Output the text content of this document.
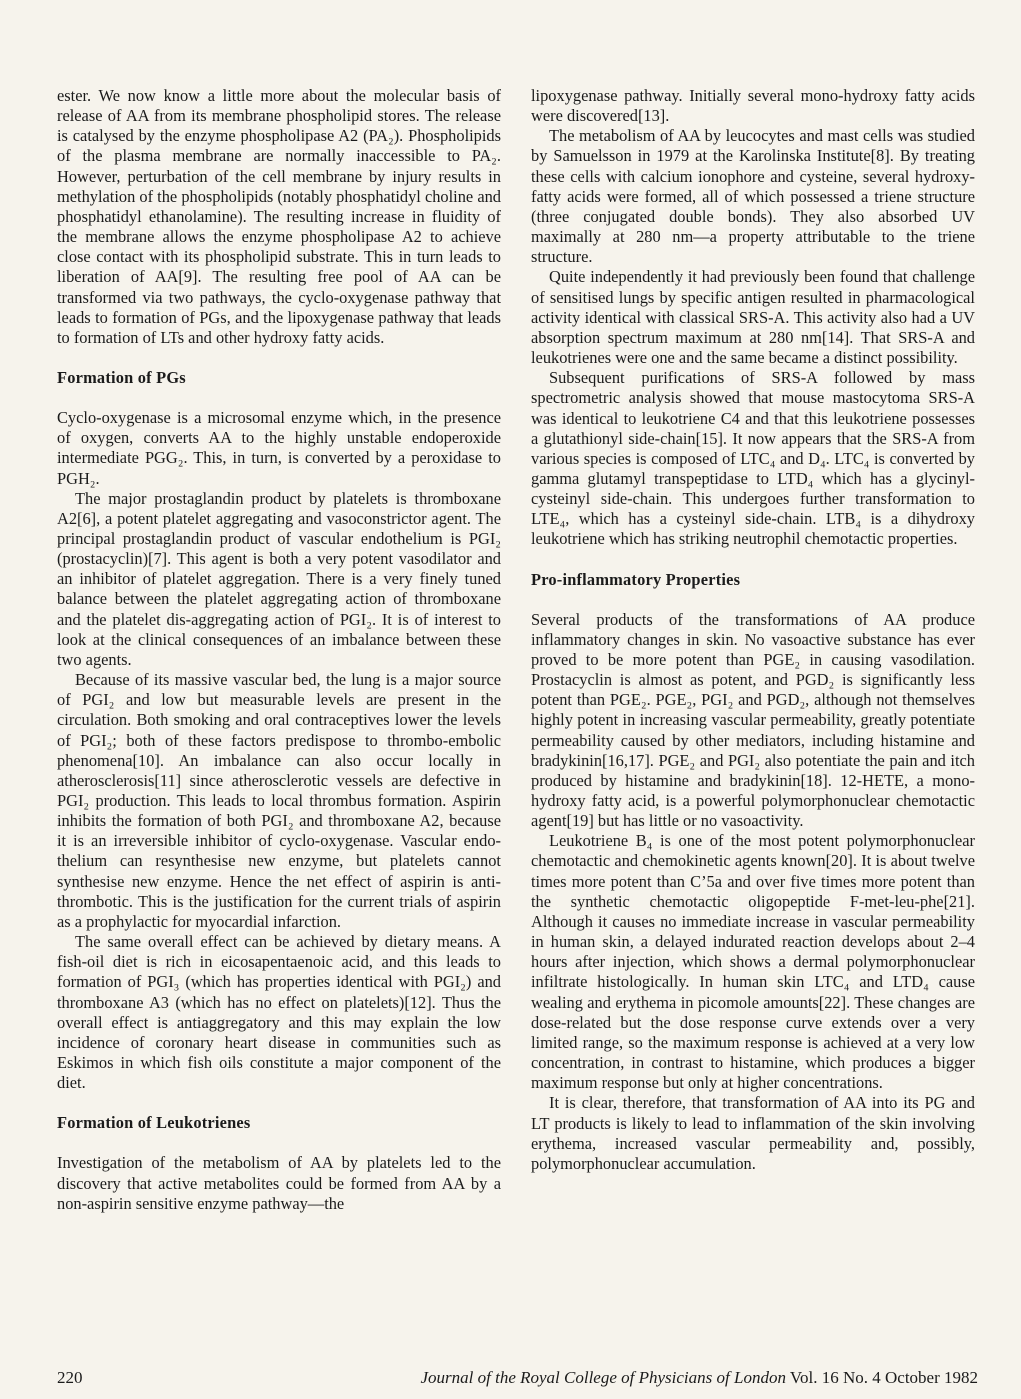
ester. We now know a little more about the molecular basis of release of AA from its membrane phospholipid stores. The release is catalysed by the enzyme phospholipase A2 (PA₂). Phospholipids of the plasma membrane are normally inaccessible to PA₂. However, perturbation of the cell membrane by injury results in methylation of the phospholipids (notably phosphatidyl choline and phosphatidyl ethanolamine). The resulting increase in fluidity of the membrane allows the enzyme phospholipase A2 to achieve close contact with its phospholipid substrate. This in turn leads to liberation of AA[9]. The resulting free pool of AA can be transformed via two pathways, the cyclo-oxygenase pathway that leads to formation of PGs, and the lipoxygenase pathway that leads to formation of LTs and other hydroxy fatty acids.

Formation of PGs

Cyclo-oxygenase is a microsomal enzyme which, in the presence of oxygen, converts AA to the highly unstable endoperoxide intermediate PGG₂. This, in turn, is converted by a peroxidase to PGH₂.

The major prostaglandin product by platelets is thromboxane A2[6], a potent platelet aggregating and vasoconstrictor agent. The principal prostaglandin product of vascular endothelium is PGI₂ (prostacyclin)[7]. This agent is both a very potent vasodilator and an inhibitor of platelet aggregation. There is a very finely tuned balance between the platelet aggregating action of thromboxane and the platelet dis-aggregating action of PGI₂. It is of interest to look at the clinical consequences of an imbalance between these two agents.

Because of its massive vascular bed, the lung is a major source of PGI₂ and low but measurable levels are present in the circulation. Both smoking and oral contraceptives lower the levels of PGI₂; both of these factors predispose to thrombo-embolic phenomena[10]. An imbalance can also occur locally in atherosclerosis[11] since atherosclerotic vessels are defective in PGI₂ production. This leads to local thrombus formation. Aspirin inhibits the formation of both PGI₂ and thromboxane A2, because it is an irreversible inhibitor of cyclo-oxygenase. Vascular endothelium can resynthesise new enzyme, but platelets cannot synthesise new enzyme. Hence the net effect of aspirin is anti-thrombotic. This is the justification for the current trials of aspirin as a prophylactic for myocardial infarction.

The same overall effect can be achieved by dietary means. A fish-oil diet is rich in eicosapentaenoic acid, and this leads to formation of PGI₃ (which has properties identical with PGI₂) and thromboxane A3 (which has no effect on platelets)[12]. Thus the overall effect is antiaggregatory and this may explain the low incidence of coronary heart disease in communities such as Eskimos in which fish oils constitute a major component of the diet.

Formation of Leukotrienes

Investigation of the metabolism of AA by platelets led to the discovery that active metabolites could be formed from AA by a non-aspirin sensitive enzyme pathway—the

lipoxygenase pathway. Initially several mono-hydroxy fatty acids were discovered[13].

The metabolism of AA by leucocytes and mast cells was studied by Samuelsson in 1979 at the Karolinska Institute[8]. By treating these cells with calcium ionophore and cysteine, several hydroxy-fatty acids were formed, all of which possessed a triene structure (three conjugated double bonds). They also absorbed UV maximally at 280 nm—a property attributable to the triene structure.

Quite independently it had previously been found that challenge of sensitised lungs by specific antigen resulted in pharmacological activity identical with classical SRS-A. This activity also had a UV absorption spectrum maximum at 280 nm[14]. That SRS-A and leukotrienes were one and the same became a distinct possibility.

Subsequent purifications of SRS-A followed by mass spectrometric analysis showed that mouse mastocytoma SRS-A was identical to leukotriene C4 and that this leukotriene possesses a glutathionyl side-chain[15]. It now appears that the SRS-A from various species is composed of LTC₄ and D₄. LTC₄ is converted by gamma glutamyl transpeptidase to LTD₄ which has a glycinyl-cysteinyl side-chain. This undergoes further transformation to LTE₄, which has a cysteinyl side-chain. LTB₄ is a dihydroxy leukotriene which has striking neutrophil chemotactic properties.

Pro-inflammatory Properties

Several products of the transformations of AA produce inflammatory changes in skin. No vasoactive substance has ever proved to be more potent than PGE₂ in causing vasodilation. Prostacyclin is almost as potent, and PGD₂ is significantly less potent than PGE₂. PGE₂, PGI₂ and PGD₂, although not themselves highly potent in increasing vascular permeability, greatly potentiate permeability caused by other mediators, including histamine and bradykinin[16,17]. PGE₂ and PGI₂ also potentiate the pain and itch produced by histamine and bradykinin[18]. 12-HETE, a mono-hydroxy fatty acid, is a powerful polymorphonuclear chemotactic agent[19] but has little or no vasoactivity.

Leukotriene B₄ is one of the most potent polymorphonuclear chemotactic and chemokinetic agents known[20]. It is about twelve times more potent than C’5a and over five times more potent than the synthetic chemotactic oligopeptide F-met-leu-phe[21]. Although it causes no immediate increase in vascular permeability in human skin, a delayed indurated reaction develops about 2–4 hours after injection, which shows a dermal polymorphonuclear infiltrate histologically. In human skin LTC₄ and LTD₄ cause wealing and erythema in picomole amounts[22]. These changes are dose-related but the dose response curve extends over a very limited range, so the maximum response is achieved at a very low concentration, in contrast to histamine, which produces a bigger maximum response but only at higher concentrations.

It is clear, therefore, that transformation of AA into its PG and LT products is likely to lead to inflammation of the skin involving erythema, increased vascular permeability and, possibly, polymorphonuclear accumulation.

220	Journal of the Royal College of Physicians of London Vol. 16 No. 4 October 1982
